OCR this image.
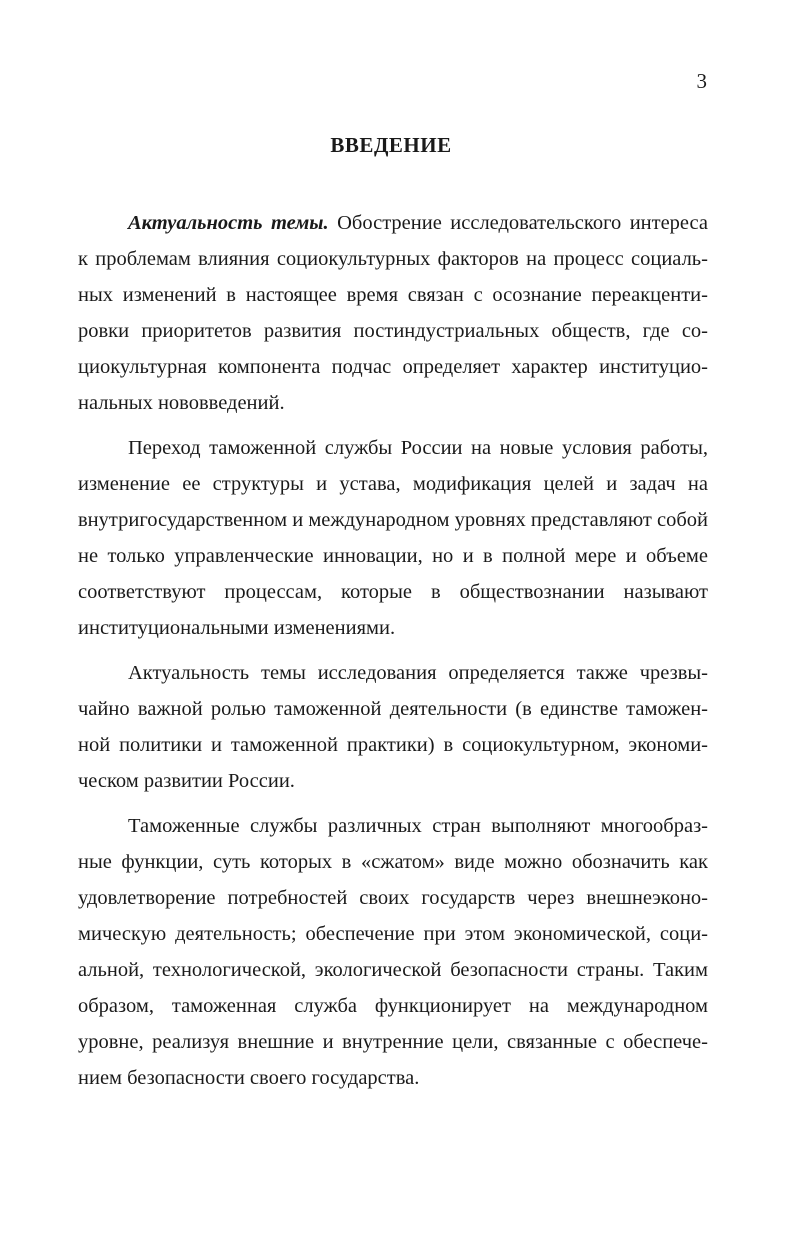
3
ВВЕДЕНИЕ

Актуальность темы. Обострение исследовательского интереса к проблемам влияния социокультурных факторов на процесс социальных изменений в настоящее время связан с осознание переакцентировки приоритетов развития постиндустриальных обществ, где социокультурная компонента подчас определяет характер институциональных нововведений.

Переход таможенной службы России на новые условия работы, изменение ее структуры и устава, модификация целей и задач на внутригосударственном и международном уровнях представляют собой не только управленческие инновации, но и в полной мере и объеме соответствуют процессам, которые в обществознании называют институциональными изменениями.

Актуальность темы исследования определяется также чрезвычайно важной ролью таможенной деятельности (в единстве таможенной политики и таможенной практики) в социокультурном, экономическом развитии России.

Таможенные службы различных стран выполняют многообразные функции, суть которых в «сжатом» виде можно обозначить как удовлетворение потребностей своих государств через внешнеэкономическую деятельность; обеспечение при этом экономической, социальной, технологической, экологической безопасности страны. Таким образом, таможенная служба функционирует на международном уровне, реализуя внешние и внутренние цели, связанные с обеспечением безопасности своего государства.
